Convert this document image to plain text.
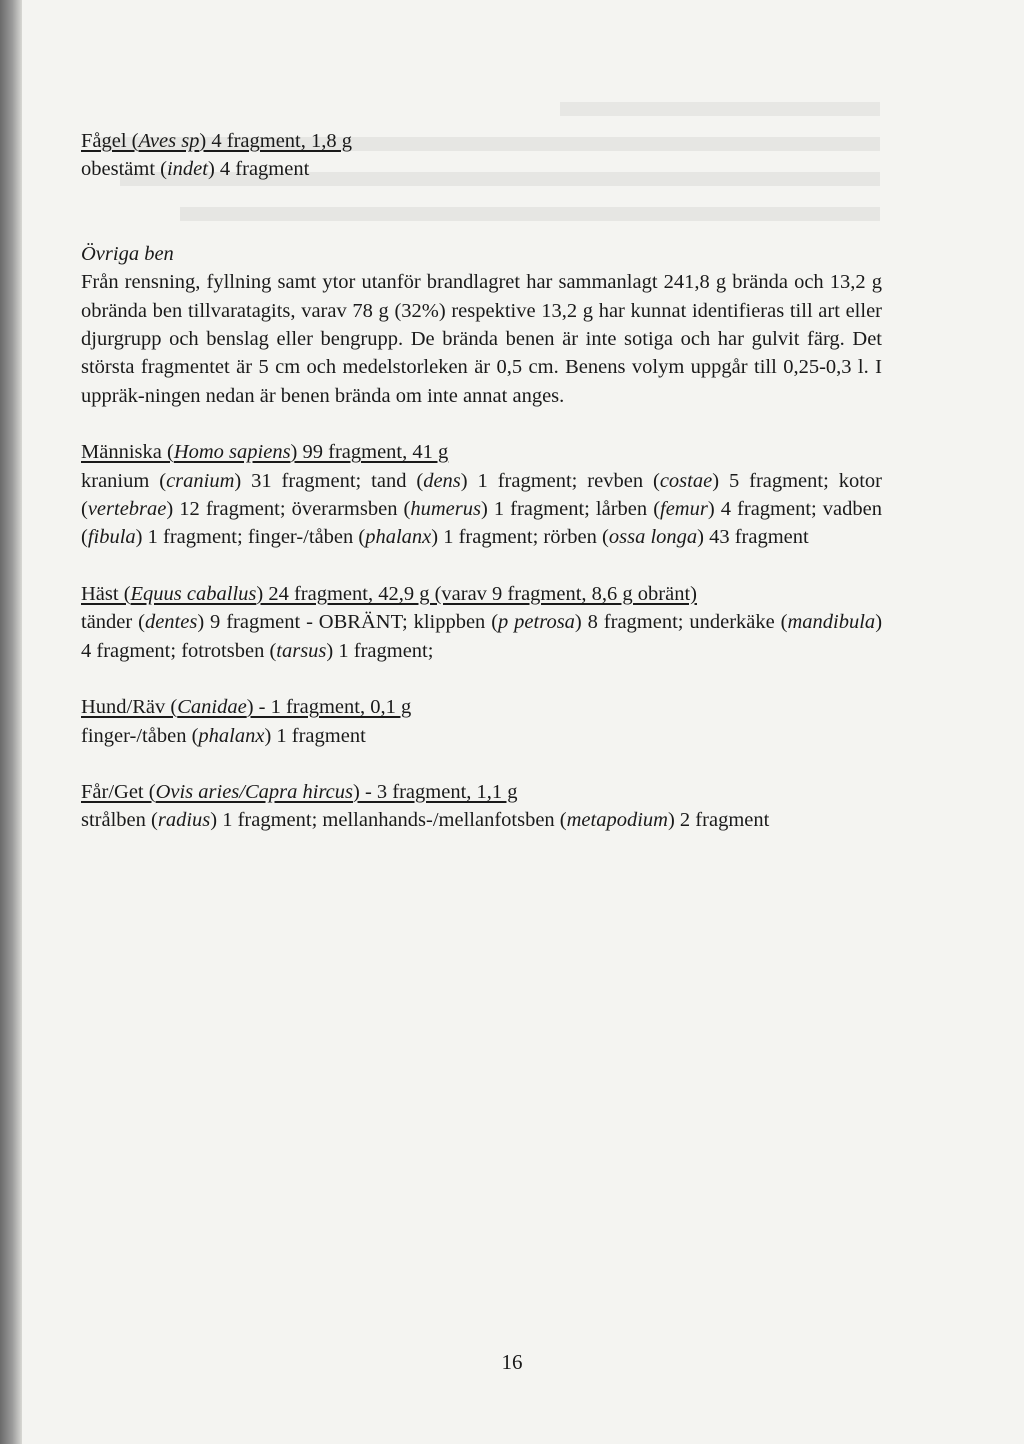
Fågel (Aves sp) 4 fragment, 1,8 g

obestämt (indet) 4 fragment

Övriga ben

Från rensning, fyllning samt ytor utanför brandlagret har sammanlagt 241,8 g brända och 13,2 g obrända ben tillvaratagits, varav 78 g (32%) respektive 13,2 g har kunnat identifieras till art eller djurgrupp och benslag eller bengrupp. De brända benen är inte sotiga och har gulvit färg. Det största fragmentet är 5 cm och medelstorleken är 0,5 cm. Benens volym uppgår till 0,25-0,3 l. I uppräk-ningen nedan är benen brända om inte annat anges.

Människa (Homo sapiens) 99 fragment, 41 g

kranium (cranium) 31 fragment; tand (dens) 1 fragment; revben (costae) 5 fragment; kotor (vertebrae) 12 fragment; överarmsben (humerus) 1 fragment; lårben (femur) 4 fragment; vadben (fibula) 1 fragment; finger-/tåben (phalanx) 1 fragment; rörben (ossa longa) 43 fragment

Häst (Equus caballus) 24 fragment, 42,9 g (varav 9 fragment, 8,6 g obränt)

tänder (dentes) 9 fragment - OBRÄNT; klippben (p petrosa) 8 fragment; underkäke (mandibula) 4 fragment; fotrotsben (tarsus) 1 fragment;

Hund/Räv (Canidae) - 1 fragment, 0,1 g

finger-/tåben (phalanx) 1 fragment

Får/Get (Ovis aries/Capra hircus) - 3 fragment, 1,1 g

strålben (radius) 1 fragment; mellanhands-/mellanfotsben (metapodium) 2 fragment

16
